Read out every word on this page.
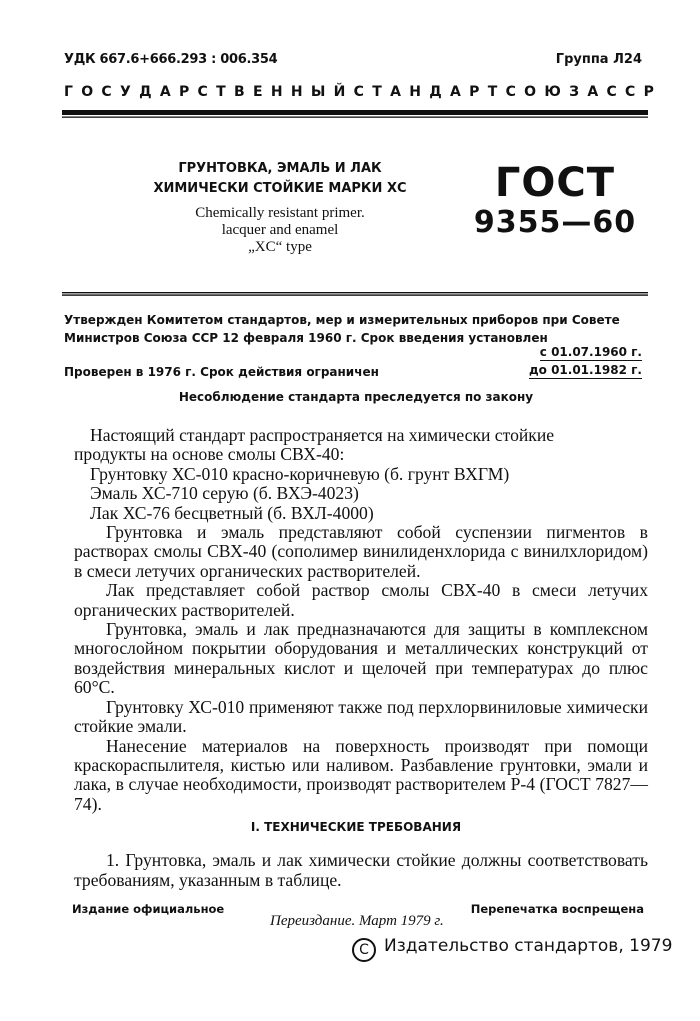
УДК 667.6+666.293 : 006.354	Группа Л24
ГОСУДАРСТВЕННЫЙ СТАНДАРТ СОЮЗА ССР
ГРУНТОВКА, ЭМАЛЬ И ЛАК
ХИМИЧЕСКИ СТОЙКИЕ МАРКИ ХС
Chemically resistant primer.
lacquer and enamel
„XC“ type
ГОСТ
9355—60
Утвержден Комитетом стандартов, мер и измерительных приборов при Совете Министров Союза ССР 12 февраля 1960 г. Срок введения установлен
с 01.07.1960 г.
Проверен в 1976 г. Срок действия ограничен	до 01.01.1982 г.
Несоблюдение стандарта преследуется по закону

Настоящий стандарт распространяется на химически стойкие

продукты на основе смолы СВХ-40:

Грунтовку ХС-010 красно-коричневую (б. грунт ВХГМ)

Эмаль ХС-710 серую (б. ВХЭ-4023)

Лак ХС-76 бесцветный (б. ВХЛ-4000)

Грунтовка и эмаль представляют собой суспензии пигментов в растворах смолы СВХ-40 (сополимер винилиденхлорида с винилхлоридом) в смеси летучих органических растворителей.

Лак представляет собой раствор смолы СВХ-40 в смеси летучих органических растворителей.

Грунтовка, эмаль и лак предназначаются для защиты в комплексном многослойном покрытии оборудования и металлических конструкций от воздействия минеральных кислот и щелочей при температурах до плюс 60°С.

Грунтовку ХС-010 применяют также под перхлорвиниловые химически стойкие эмали.

Нанесение материалов на поверхность производят при помощи краскораспылителя, кистью или наливом. Разбавление грунтовки, эмали и лака, в случае необходимости, производят растворителем Р-4 (ГОСТ 7827—74).

I. ТЕХНИЧЕСКИЕ ТРЕБОВАНИЯ
1. Грунтовка, эмаль и лак химически стойкие должны соответствовать требованиям, указанным в таблице.
Издание официальное	Перепечатка воспрещена
Переиздание. Март 1979 г.
C Издательство стандартов, 1979
